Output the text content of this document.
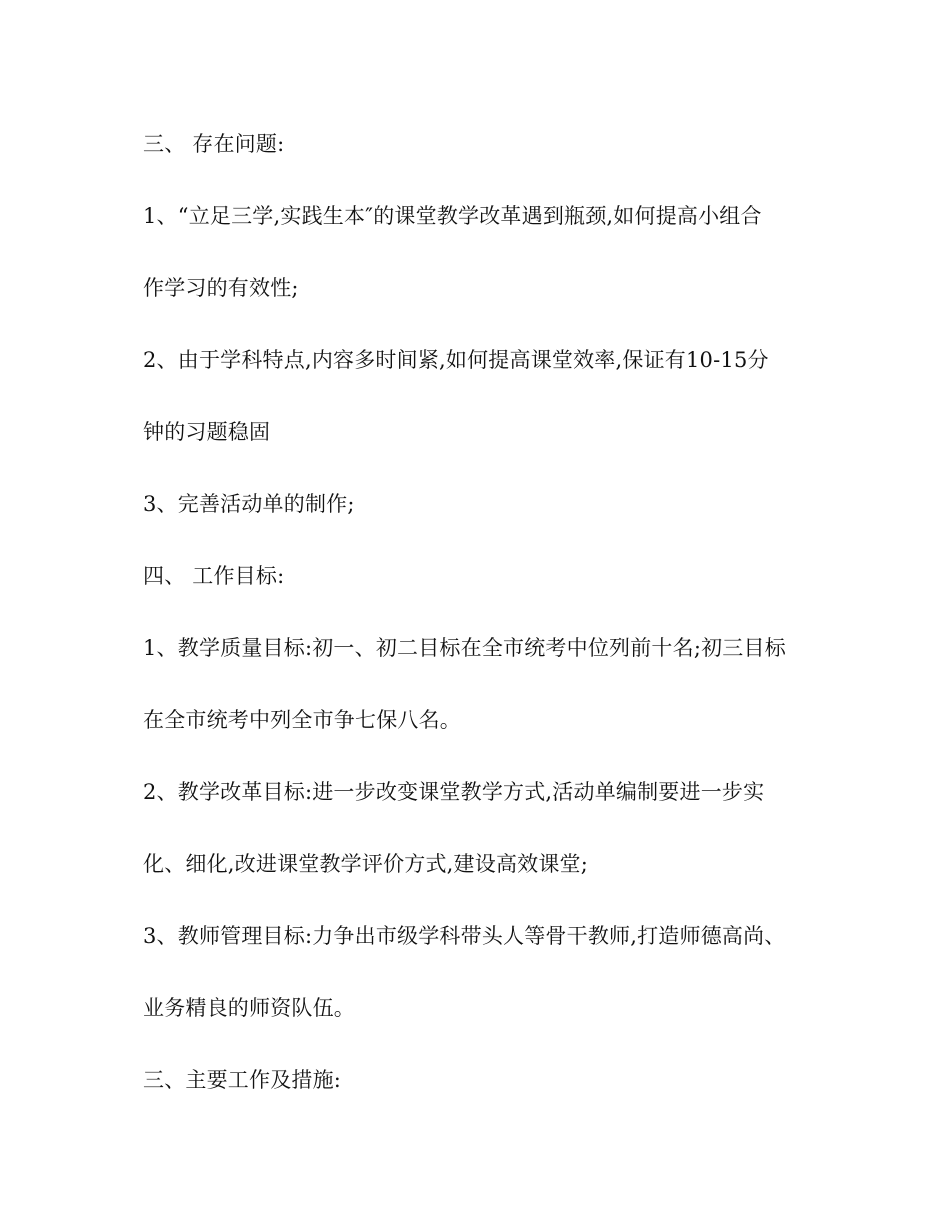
三、 存在问题:

1、“立足三学,实践生本″的课堂教学改革遇到瓶颈,如何提高小组合

作学习的有效性;

2、由于学科特点,内容多时间紧,如何提高课堂效率,保证有10-15分

钟的习题稳固

3、完善活动单的制作;

四、 工作目标:

1、教学质量目标:初一、初二目标在全市统考中位列前十名;初三目标

在全市统考中列全市争七保八名。

2、教学改革目标:进一步改变课堂教学方式,活动单编制要进一步实

化、细化,改进课堂教学评价方式,建设高效课堂;

3、教师管理目标:力争出市级学科带头人等骨干教师,打造师德高尚、

业务精良的师资队伍。

三、主要工作及措施:
